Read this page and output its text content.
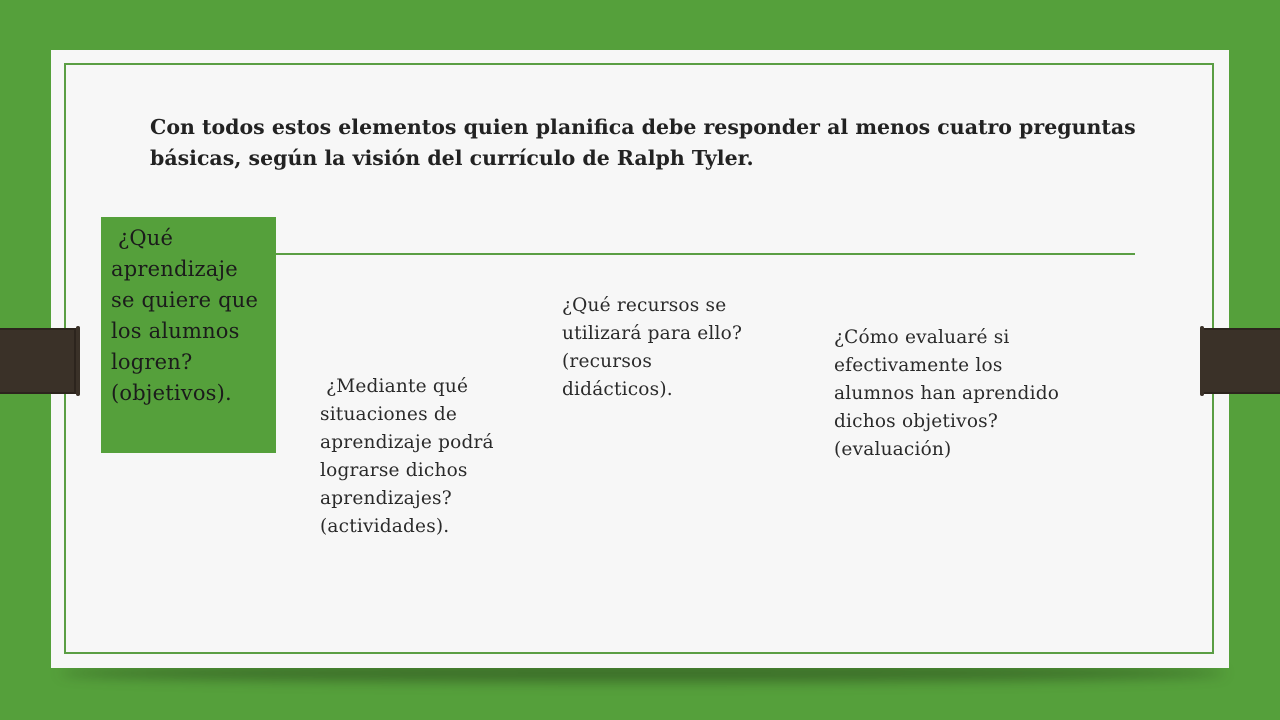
Con todos estos elementos quien planifica debe responder al menos cuatro preguntas
básicas, según la visión del currículo de Ralph Tyler.

¿Qué
aprendizaje
se quiere que
los alumnos
logren?
(objetivos).	¿Mediante qué
situaciones de
aprendizaje podrá
lograrse dichos
aprendizajes?
(actividades).

¿Qué recursos se
utilizará para ello?
(recursos
didácticos).

¿Cómo evaluaré si
efectivamente los
alumnos han aprendido
dichos objetivos?
(evaluación)
